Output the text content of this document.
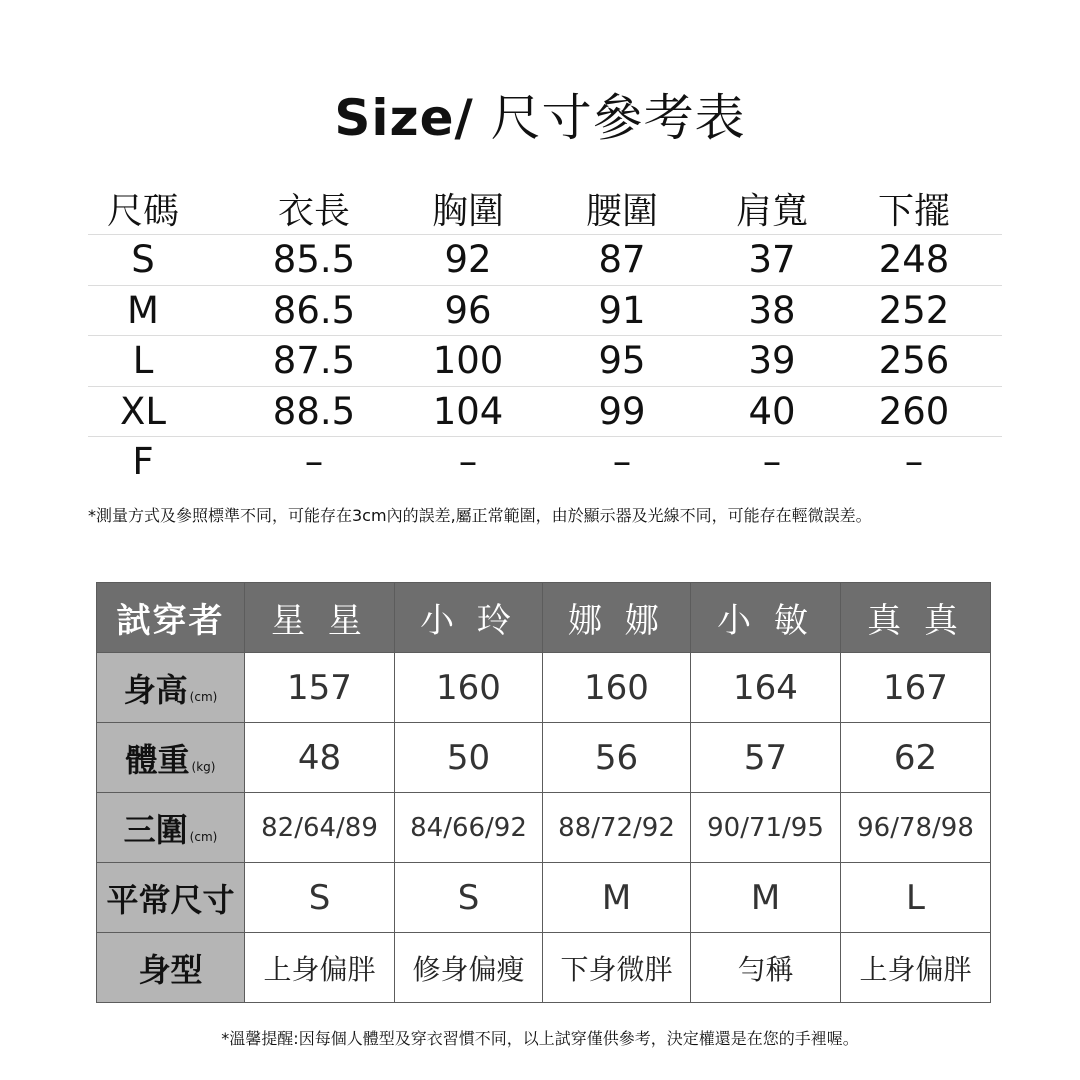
Size/ 尺寸參考表
尺碼	衣長	胸圍	腰圍	肩寬	下擺
S	85.5	92	87	37	248
M	86.5	96	91	38	252
L	87.5	100	95	39	256
XL	88.5	104	99	40	260
F	–	–	–	–	–
*測量方式及參照標準不同，可能存在3cm內的誤差,屬正常範圍，由於顯示器及光線不同，可能存在輕微誤差。
試穿者	星 星	小 玲	娜 娜	小 敏	真 真
身高 (cm)	157	160	160	164	167
體重 (kg)	48	50	56	57	62
三圍 (cm)	82/64/89	84/66/92	88/72/92	90/71/95	96/78/98
平常尺寸	S	S	M	M	L
身型	上身偏胖	修身偏瘦	下身微胖	勻稱	上身偏胖
*溫馨提醒:因每個人體型及穿衣習慣不同，以上試穿僅供參考，決定權還是在您的手裡喔。
